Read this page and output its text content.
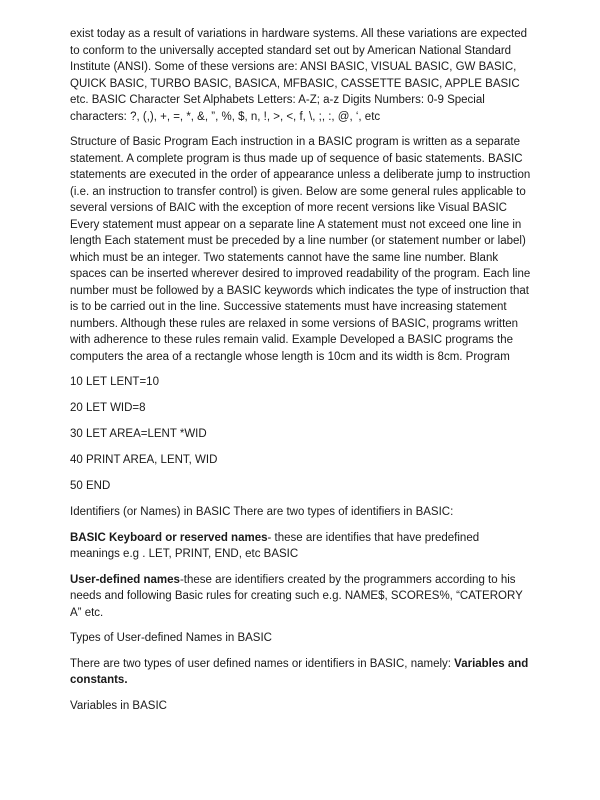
exist today as a result of variations in hardware systems. All these variations are expected to conform to the universally accepted standard set out by American National Standard Institute (ANSI). Some of these versions are: ANSI BASIC, VISUAL BASIC, GW BASIC, QUICK BASIC, TURBO BASIC, BASICA, MFBASIC, CASSETTE BASIC, APPLE BASIC etc. BASIC Character Set Alphabets Letters: A-Z; a-z Digits Numbers: 0-9 Special characters: ?, (,), +, =, *, &, ”, %, $, n, !, >, <, f, \, ;, :, @, ‘, etc

Structure of Basic Program Each instruction in a BASIC program is written as a separate statement. A complete program is thus made up of sequence of basic statements. BASIC statements are executed in the order of appearance unless a deliberate jump to instruction (i.e. an instruction to transfer control) is given. Below are some general rules applicable to several versions of BAIC with the exception of more recent versions like Visual BASIC Every statement must appear on a separate line A statement must not exceed one line in length Each statement must be preceded by a line number (or statement number or label) which must be an integer. Two statements cannot have the same line number. Blank spaces can be inserted wherever desired to improved readability of the program. Each line number must be followed by a BASIC keywords which indicates the type of instruction that is to be carried out in the line. Successive statements must have increasing statement numbers. Although these rules are relaxed in some versions of BASIC, programs written with adherence to these rules remain valid. Example Developed a BASIC programs the computers the area of a rectangle whose length is 10cm and its width is 8cm. Program

10 LET LENT=10

20 LET WID=8

30 LET AREA=LENT *WID

40 PRINT AREA, LENT, WID

50 END

Identifiers (or Names) in BASIC There are two types of identifiers in BASIC:

BASIC Keyboard or reserved names- these are identifies that have predefined meanings e.g . LET, PRINT, END, etc BASIC

User-defined names-these are identifiers created by the programmers according to his needs and following Basic rules for creating such e.g. NAME$, SCORES%, “CATERORY A” etc.

Types of User-defined Names in BASIC

There are two types of user defined names or identifiers in BASIC, namely: Variables and constants.

Variables in BASIC
